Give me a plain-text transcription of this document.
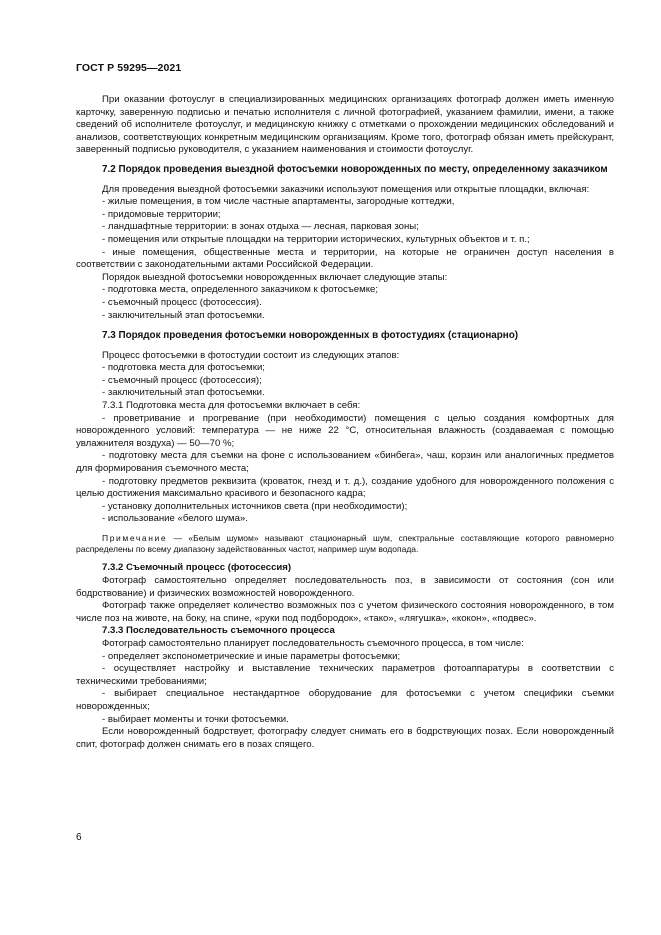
ГОСТ Р 59295—2021

При оказании фотоуслуг в специализированных медицинских организациях фотограф должен иметь именную карточку, заверенную подписью и печатью исполнителя с личной фотографией, указанием фамилии, имени, а также сведений об исполнителе фотоуслуг, и медицинскую книжку с отметками о прохождении медицинских обследований и анализов, соответствующих конкретным медицинским организациям. Кроме того, фотограф обязан иметь прейскурант, заверенный подписью руководителя, с указанием наименования и стоимости фотоуслуг.

7.2 Порядок проведения выездной фотосъемки новорожденных по месту, определенному заказчиком

Для проведения выездной фотосъемки заказчики используют помещения или открытые площадки, включая:

- жилые помещения, в том числе частные апартаменты, загородные коттеджи,

- придомовые территории;

- ландшафтные территории: в зонах отдыха — лесная, парковая зоны;

- помещения или открытые площадки на территории исторических, культурных объектов и т. п.;

- иные помещения, общественные места и территории, на которые не ограничен доступ населения в соответствии с законодательными актами Российской Федерации.

Порядок выездной фотосъемки новорожденных включает следующие этапы:

- подготовка места, определенного заказчиком к фотосъемке;

- съемочный процесс (фотосессия).

- заключительный этап фотосъемки.

7.3 Порядок проведения фотосъемки новорожденных в фотостудиях (стационарно)

Процесс фотосъемки в фотостудии состоит из следующих этапов:

- подготовка места для фотосъемки;

- съемочный процесс (фотосессия);

- заключительный этап фотосъемки.

7.3.1 Подготовка места для фотосъемки включает в себя:

- проветривание и прогревание (при необходимости) помещения с целью создания комфортных для новорожденного условий: температура — не ниже 22 °С, относительная влажность (создаваемая с помощью увлажнителя воздуха) — 50—70 %;

- подготовку места для съемки на фоне с использованием «бинбега», чаш, корзин или аналогичных предметов для формирования съемочного места;

- подготовку предметов реквизита (кроваток, гнезд и т. д.), создание удобного для новорожденного положения с целью достижения максимально красивого и безопасного кадра;

- установку дополнительных источников света (при необходимости);

- использование «белого шума».

Примечание — «Белым шумом» называют стационарный шум, спектральные составляющие которого равномерно распределены по всему диапазону задействованных частот, например шум водопада.

7.3.2 Съемочный процесс (фотосессия)

Фотограф самостоятельно определяет последовательность поз, в зависимости от состояния (сон или бодрствование) и физических возможностей новорожденного.

Фотограф также определяет количество возможных поз с учетом физического состояния новорожденного, в том числе поз на животе, на боку, на спине, «руки под подбородок», «тако», «лягушка», «кокон», «подвес».

7.3.3 Последовательность съемочного процесса

Фотограф самостоятельно планирует последовательность съемочного процесса, в том числе:

- определяет экспонометрические и иные параметры фотосъемки;

- осуществляет настройку и выставление технических параметров фотоаппаратуры в соответствии с техническими требованиями;

- выбирает специальное нестандартное оборудование для фотосъемки с учетом специфики съемки новорожденных;

- выбирает моменты и точки фотосъемки.

Если новорожденный бодрствует, фотографу следует снимать его в бодрствующих позах. Если новорожденный спит, фотограф должен снимать его в позах спящего.

6
